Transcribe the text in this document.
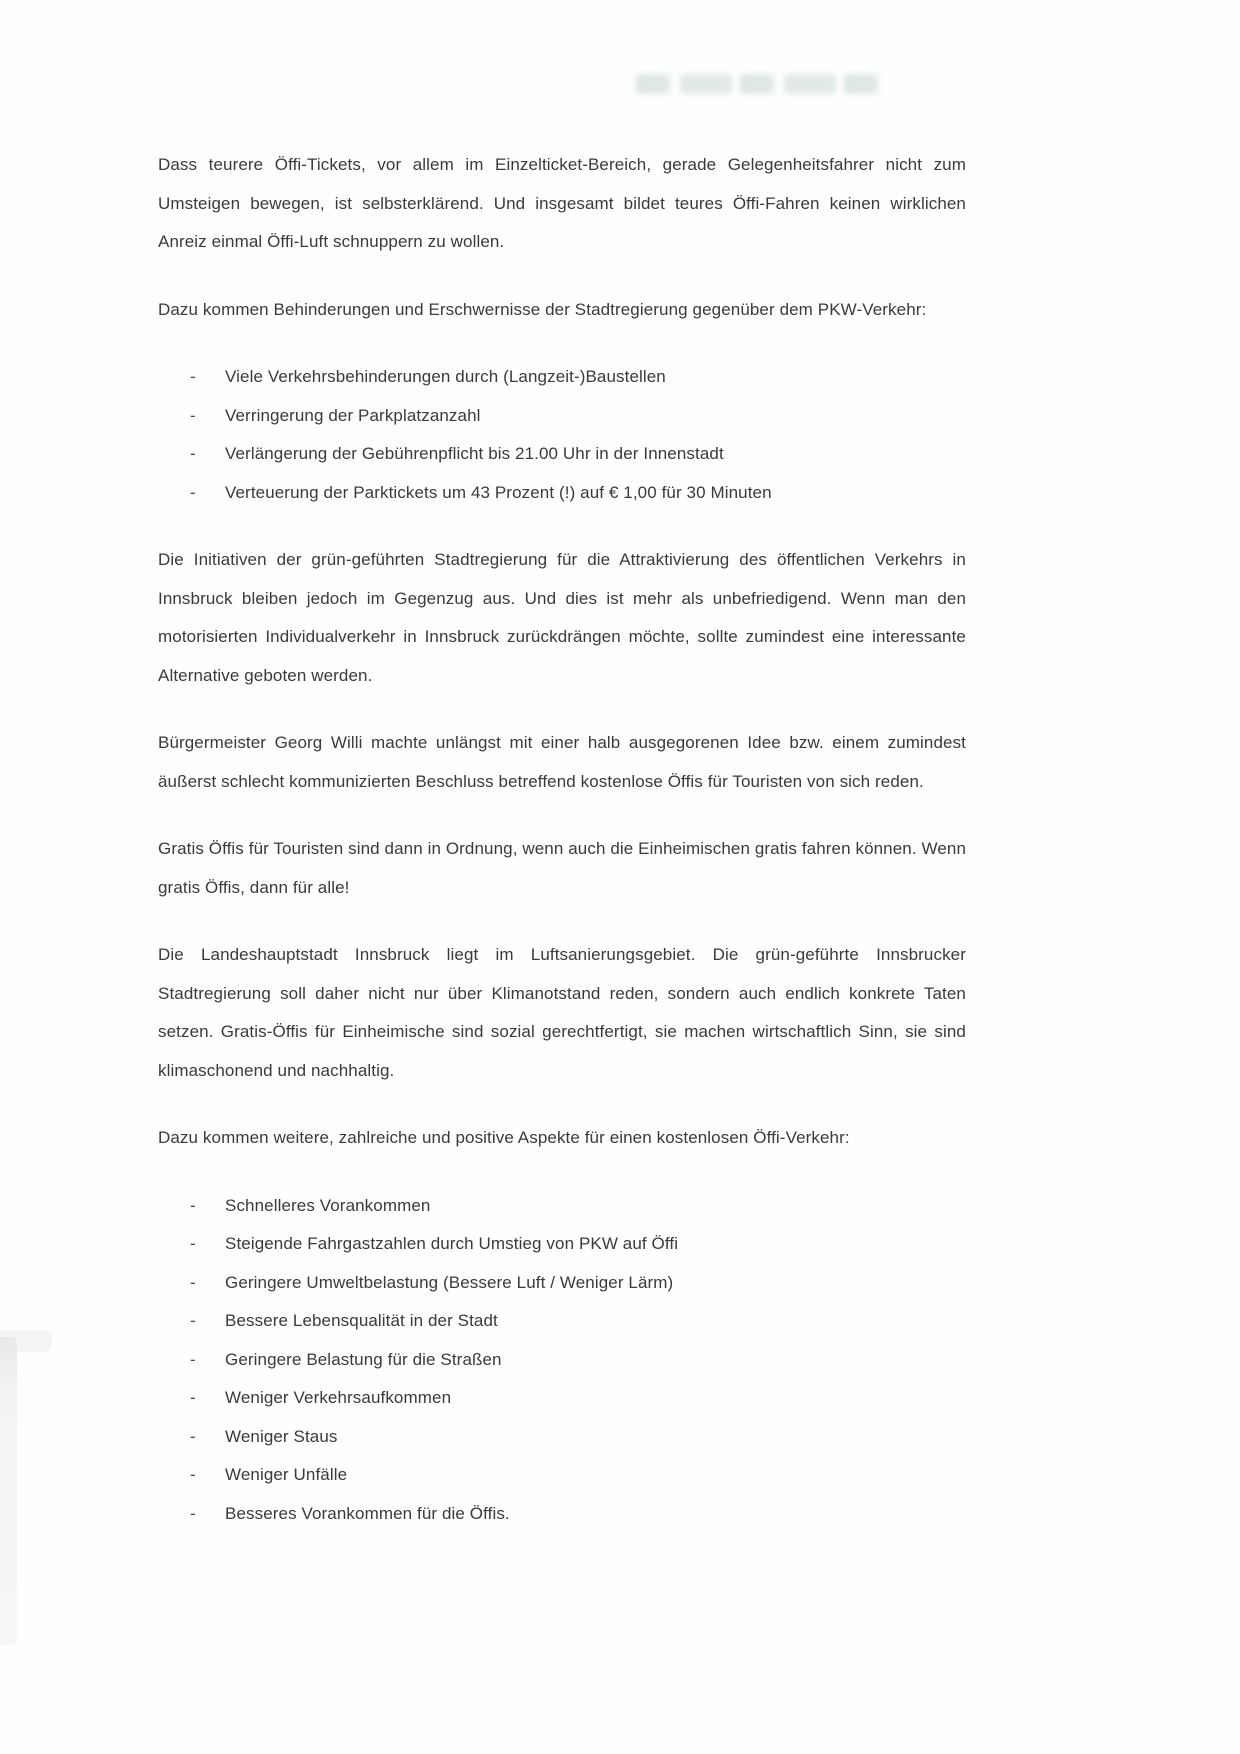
Dass teurere Öffi-Tickets, vor allem im Einzelticket-Bereich, gerade Gelegenheitsfahrer nicht zum Umsteigen bewegen, ist selbsterklärend. Und insgesamt bildet teures Öffi-Fahren keinen wirklichen Anreiz einmal Öffi-Luft schnuppern zu wollen.

Dazu kommen Behinderungen und Erschwernisse der Stadtregierung gegenüber dem PKW-Verkehr:

- Viele Verkehrsbehinderungen durch (Langzeit-)Baustellen
- Verringerung der Parkplatzanzahl
- Verlängerung der Gebührenpflicht bis 21.00 Uhr in der Innenstadt
- Verteuerung der Parktickets um 43 Prozent (!) auf € 1,00 für 30 Minuten

Die Initiativen der grün-geführten Stadtregierung für die Attraktivierung des öffentlichen Verkehrs in Innsbruck bleiben jedoch im Gegenzug aus. Und dies ist mehr als unbefriedigend. Wenn man den motorisierten Individualverkehr in Innsbruck zurückdrängen möchte, sollte zumindest eine interessante Alternative geboten werden.

Bürgermeister Georg Willi machte unlängst mit einer halb ausgegorenen Idee bzw. einem zumindest äußerst schlecht kommunizierten Beschluss betreffend kostenlose Öffis für Touristen von sich reden.

Gratis Öffis für Touristen sind dann in Ordnung, wenn auch die Einheimischen gratis fahren können. Wenn gratis Öffis, dann für alle!

Die Landeshauptstadt Innsbruck liegt im Luftsanierungsgebiet. Die grün-geführte Innsbrucker Stadtregierung soll daher nicht nur über Klimanotstand reden, sondern auch endlich konkrete Taten setzen. Gratis-Öffis für Einheimische sind sozial gerechtfertigt, sie machen wirtschaftlich Sinn, sie sind klimaschonend und nachhaltig.

Dazu kommen weitere, zahlreiche und positive Aspekte für einen kostenlosen Öffi-Verkehr:

- Schnelleres Vorankommen
- Steigende Fahrgastzahlen durch Umstieg von PKW auf Öffi
- Geringere Umweltbelastung (Bessere Luft / Weniger Lärm)
- Bessere Lebensqualität in der Stadt
- Geringere Belastung für die Straßen
- Weniger Verkehrsaufkommen
- Weniger Staus
- Weniger Unfälle
- Besseres Vorankommen für die Öffis.
